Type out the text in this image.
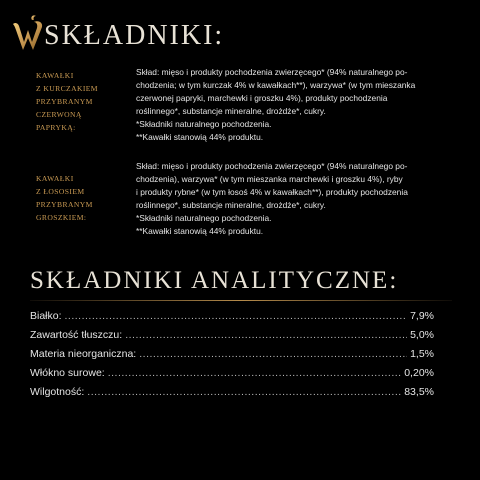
SKŁADNIKI:
KAWAŁKI
Z KURCZAKIEM
PRZYBRANYM
CZERWONĄ
PAPRYKĄ:
Skład: mięso i produkty pochodzenia zwierzęcego* (94% naturalnego po-
chodzenia; w tym kurczak 4% w kawałkach**), warzywa* (w tym mieszanka
czerwonej papryki, marchewki i groszku 4%), produkty pochodzenia
roślinnego*, substancje mineralne, drożdże*, cukry.
*Składniki naturalnego pochodzenia.
**Kawałki stanowią 44% produktu.
KAWAŁKI
Z ŁOSOSIEM
PRZYBRANYM
GROSZKIEM:
Skład: mięso i produkty pochodzenia zwierzęcego* (94% naturalnego po-
chodzenia), warzywa* (w tym mieszanka marchewki i groszku 4%), ryby
i produkty rybne* (w tym łosoś 4% w kawałkach**), produkty pochodzenia
roślinnego*, substancje mineralne, drożdże*, cukry.
*Składniki naturalnego pochodzenia.
**Kawałki stanowią 44% produktu.
SKŁADNIKI ANALITYCZNE:
Białko: .....	7,9%
Zawartość tłuszczu: .....	5,0%
Materia nieorganiczna: .....	1,5%
Włókno surowe: .....	0,20%
Wilgotność: .....	83,5%
